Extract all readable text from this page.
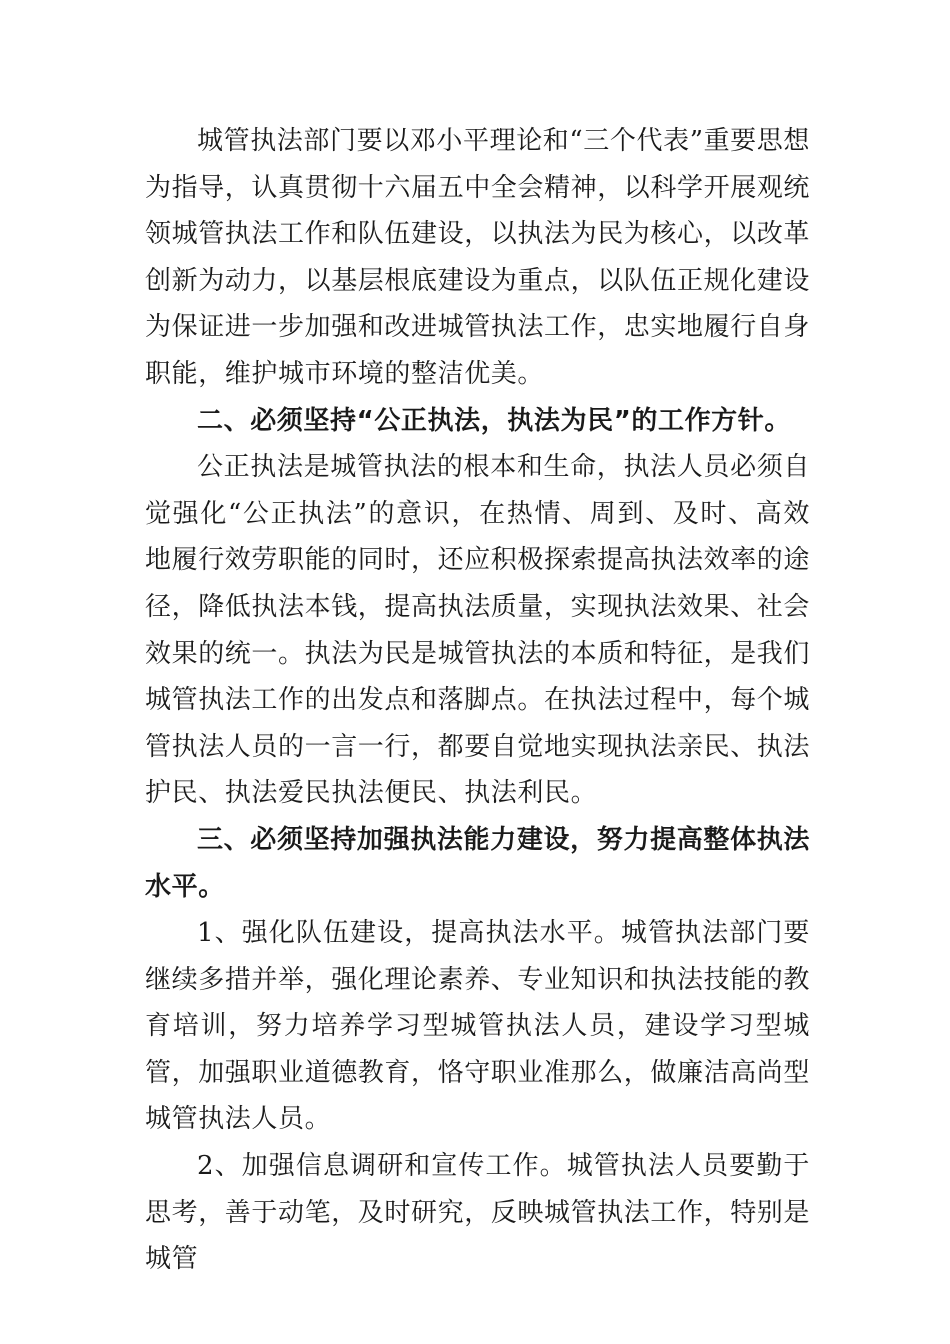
城管执法部门要以邓小平理论和“三个代表”重要思想为指导，认真贯彻十六届五中全会精神，以科学开展观统领城管执法工作和队伍建设，以执法为民为核心，以改革创新为动力，以基层根底建设为重点，以队伍正规化建设为保证进一步加强和改进城管执法工作，忠实地履行自身职能，维护城市环境的整洁优美。

二、必须坚持“公正执法，执法为民”的工作方针。

公正执法是城管执法的根本和生命，执法人员必须自觉强化“公正执法”的意识，在热情、周到、及时、高效地履行效劳职能的同时，还应积极探索提高执法效率的途径，降低执法本钱，提高执法质量，实现执法效果、社会效果的统一。执法为民是城管执法的本质和特征，是我们城管执法工作的出发点和落脚点。在执法过程中，每个城管执法人员的一言一行，都要自觉地实现执法亲民、执法护民、执法爱民执法便民、执法利民。

三、必须坚持加强执法能力建设，努力提高整体执法水平。

1、强化队伍建设，提高执法水平。城管执法部门要继续多措并举，强化理论素养、专业知识和执法技能的教育培训，努力培养学习型城管执法人员，建设学习型城管，加强职业道德教育，恪守职业准那么，做廉洁高尚型城管执法人员。

2、加强信息调研和宣传工作。城管执法人员要勤于思考，善于动笔，及时研究，反映城管执法工作，特别是城管
